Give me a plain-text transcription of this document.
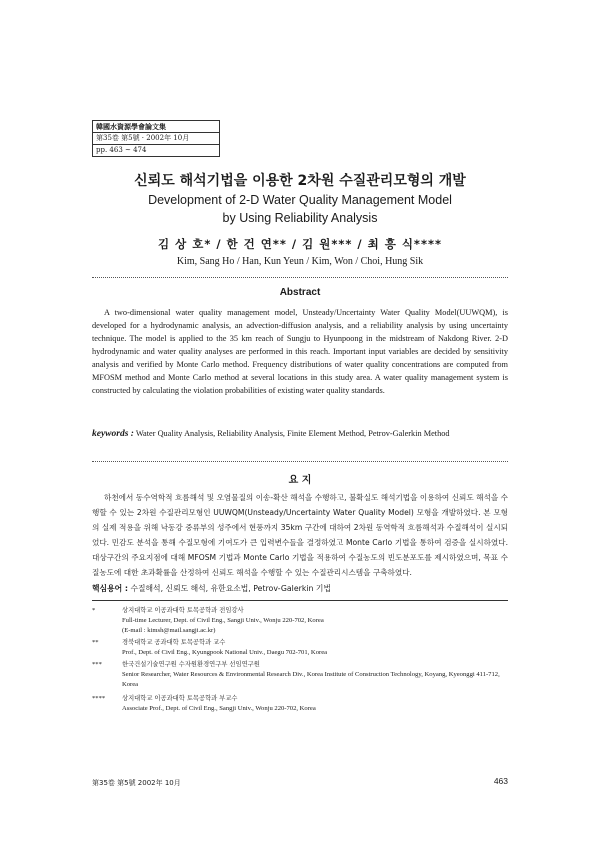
韓國水資源學會論文集
第35卷 第5號 · 2002年 10月
pp. 463 ~ 474
신뢰도 해석기법을 이용한 2차원 수질관리모형의 개발
Development of 2-D Water Quality Management Model
by Using Reliability Analysis
김 상 호* / 한 건 연** / 김 원*** / 최 흥 식****
Kim, Sang Ho / Han, Kun Yeun / Kim, Won / Choi, Hung Sik
Abstract

A two-dimensional water quality management model, Unsteady/Uncertainty Water Quality Model(UUWQM), is developed for a hydrodynamic analysis, an advection-diffusion analysis, and a reliability analysis by using uncertainty technique. The model is applied to the 35 km reach of Sungju to Hyunpoong in the midstream of Nakdong River. 2-D hydrodynamic and water quality analyses are performed in this reach. Important input variables are decided by sensitivity analysis and verified by Monte Carlo method. Frequency distributions of water quality concentrations are computed from MFOSM method and Monte Carlo method at several locations in this study area. A water quality management system is constructed by calculating the violation probabilities of existing water quality standards.

keywords : Water Quality Analysis, Reliability Analysis, Finite Element Method, Petrov-Galerkin Method
요 지

하천에서 동수역학적 흐름해석 및 오염물질의 이송-확산 해석을 수행하고, 불확실도 해석기법을 이용하여 신뢰도 해석을 수행할 수 있는 2차원 수질관리모형인 UUWQM(Unsteady/Uncertainty Water Quality Model) 모형을 개발하였다. 본 모형의 실제 적용을 위해 낙동강 중류부의 성주에서 현풍까지 35km 구간에 대하여 2차원 동역학적 흐름해석과 수질해석이 실시되었다. 민감도 분석을 통해 수질모형에 기여도가 큰 입력변수들을 결정하였고 Monte Carlo 기법을 통하여 검증을 실시하였다. 대상구간의 주요지점에 대해 MFOSM 기법과 Monte Carlo 기법을 적용하여 수질농도의 빈도분포도를 제시하였으며, 목표 수질농도에 대한 초과확률을 산정하여 신뢰도 해석을 수행할 수 있는 수질관리시스템을 구축하였다.

핵심용어 : 수질해석, 신뢰도 해석, 유한요소법, Petrov-Galerkin 기법
*	상지대학교 이공과대학 토목공학과 전임강사
Full-time Lecturer, Dept. of Civil Eng., Sangji Univ., Wonju 220-702, Korea
(E-mail : kimsh@mail.sangji.ac.kr)
**	경북대학교 공과대학 토목공학과 교수
Prof., Dept. of Civil Eng., Kyungpook National Univ., Daegu 702-701, Korea
***	한국건설기술연구원 수자원환경연구부 선임연구원
Senior Researcher, Water Resources & Environmental Research Div., Korea Institute of Construction Technology, Koyang, Kyeonggi 411-712, Korea
****	상지대학교 이공과대학 토목공학과 부교수
Associate Prof., Dept. of Civil Eng., Sangji Univ., Wonju 220-702, Korea
第35卷 第5號 2002年 10月	463
